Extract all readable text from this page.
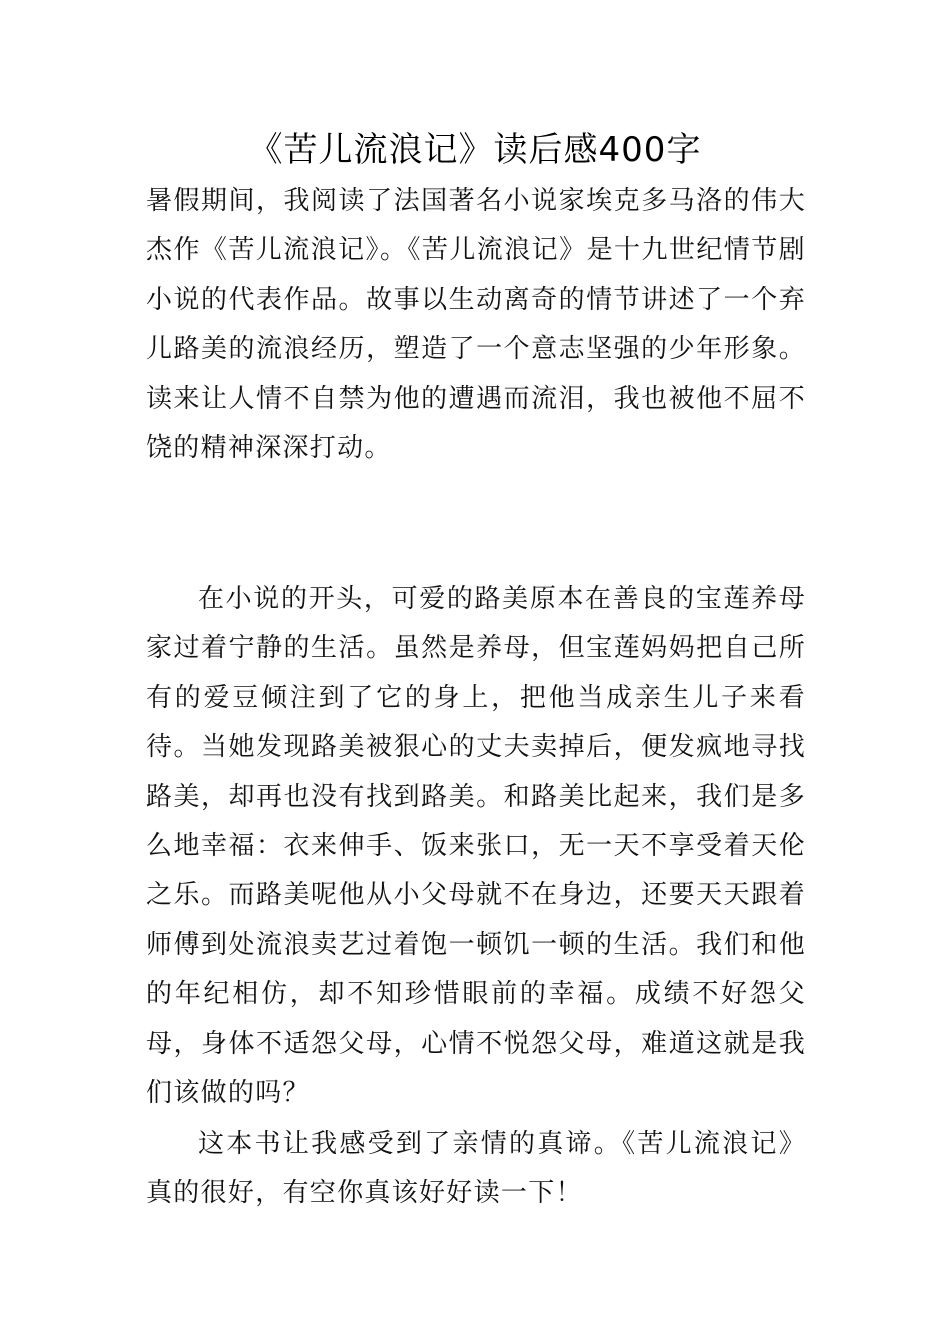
《苦儿流浪记》读后感400字

暑假期间，我阅读了法国著名小说家埃克多马洛的伟大杰作《苦儿流浪记》。《苦儿流浪记》是十九世纪情节剧小说的代表作品。故事以生动离奇的情节讲述了一个弃儿路美的流浪经历，塑造了一个意志坚强的少年形象。读来让人情不自禁为他的遭遇而流泪，我也被他不屈不饶的精神深深打动。

在小说的开头，可爱的路美原本在善良的宝莲养母家过着宁静的生活。虽然是养母，但宝莲妈妈把自己所有的爱豆倾注到了它的身上，把他当成亲生儿子来看待。当她发现路美被狠心的丈夫卖掉后，便发疯地寻找路美，却再也没有找到路美。和路美比起来，我们是多么地幸福：衣来伸手、饭来张口，无一天不享受着天伦之乐。而路美呢他从小父母就不在身边，还要天天跟着师傅到处流浪卖艺过着饱一顿饥一顿的生活。我们和他的年纪相仿，却不知珍惜眼前的幸福。成绩不好怨父母，身体不适怨父母，心情不悦怨父母，难道这就是我们该做的吗？

这本书让我感受到了亲情的真谛。《苦儿流浪记》真的很好，有空你真该好好读一下！
